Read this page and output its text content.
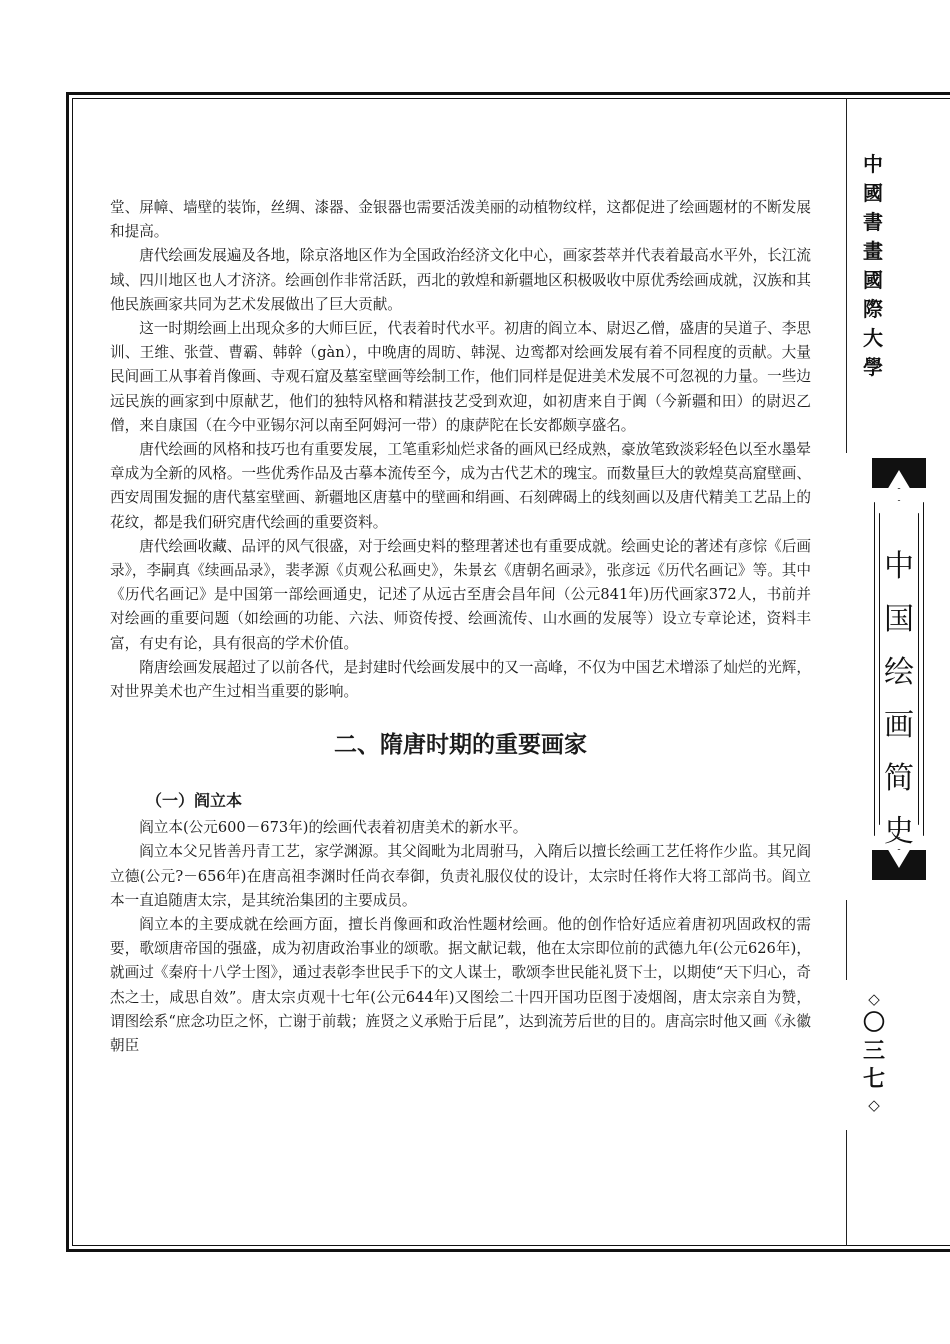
中
國
書
畫
國
際
大
學
中
国
绘
画
简
史
◇
〇
三
七
◇

堂、屏幛、墙壁的装饰，丝绸、漆器、金银器也需要活泼美丽的动植物纹样，这都促进了绘画题材的不断发展和提高。

唐代绘画发展遍及各地，除京洛地区作为全国政治经济文化中心，画家荟萃并代表着最高水平外，长江流域、四川地区也人才济济。绘画创作非常活跃，西北的敦煌和新疆地区积极吸收中原优秀绘画成就，汉族和其他民族画家共同为艺术发展做出了巨大贡献。

这一时期绘画上出现众多的大师巨匠，代表着时代水平。初唐的阎立本、尉迟乙僧，盛唐的吴道子、李思训、王维、张萱、曹霸、韩幹（gàn），中晚唐的周昉、韩滉、边鸾都对绘画发展有着不同程度的贡献。大量民间画工从事着肖像画、寺观石窟及墓室壁画等绘制工作，他们同样是促进美术发展不可忽视的力量。一些边远民族的画家到中原献艺，他们的独特风格和精湛技艺受到欢迎，如初唐来自于阗（今新疆和田）的尉迟乙僧，来自康国（在今中亚锡尔河以南至阿姆河一带）的康萨陀在长安都颇享盛名。

唐代绘画的风格和技巧也有重要发展，工笔重彩灿烂求备的画风已经成熟，豪放笔致淡彩轻色以至水墨晕章成为全新的风格。一些优秀作品及古摹本流传至今，成为古代艺术的瑰宝。而数量巨大的敦煌莫高窟壁画、西安周围发掘的唐代墓室壁画、新疆地区唐墓中的壁画和绢画、石刻碑碣上的线刻画以及唐代精美工艺品上的花纹，都是我们研究唐代绘画的重要资料。

唐代绘画收藏、品评的风气很盛，对于绘画史料的整理著述也有重要成就。绘画史论的著述有彦悰《后画录》，李嗣真《续画品录》，裴孝源《贞观公私画史》，朱景玄《唐朝名画录》，张彦远《历代名画记》等。其中《历代名画记》是中国第一部绘画通史，记述了从远古至唐会昌年间（公元841年)历代画家372人，书前并对绘画的重要问题（如绘画的功能、六法、师资传授、绘画流传、山水画的发展等）设立专章论述，资料丰富，有史有论，具有很高的学术价值。

隋唐绘画发展超过了以前各代，是封建时代绘画发展中的又一高峰，不仅为中国艺术增添了灿烂的光辉，对世界美术也产生过相当重要的影响。

二、隋唐时期的重要画家
（一）阎立本

阎立本(公元600－673年)的绘画代表着初唐美术的新水平。

阎立本父兄皆善丹青工艺，家学渊源。其父阎毗为北周驸马，入隋后以擅长绘画工艺任将作少监。其兄阎立德(公元?－656年)在唐高祖李渊时任尚衣奉御，负责礼服仪仗的设计，太宗时任将作大将工部尚书。阎立本一直追随唐太宗，是其统治集团的主要成员。

阎立本的主要成就在绘画方面，擅长肖像画和政治性题材绘画。他的创作恰好适应着唐初巩固政权的需要，歌颂唐帝国的强盛，成为初唐政治事业的颂歌。据文献记载，他在太宗即位前的武德九年(公元626年)，就画过《秦府十八学士图》，通过表彰李世民手下的文人谋士，歌颂李世民能礼贤下士，以期使“天下归心，奇杰之士，咸思自效”。唐太宗贞观十七年(公元644年)又图绘二十四开国功臣图于凌烟阁，唐太宗亲自为赞，谓图绘系“庶念功臣之怀，亡谢于前载；旌贤之义承贻于后昆”，达到流芳后世的目的。唐高宗时他又画《永徽朝臣
